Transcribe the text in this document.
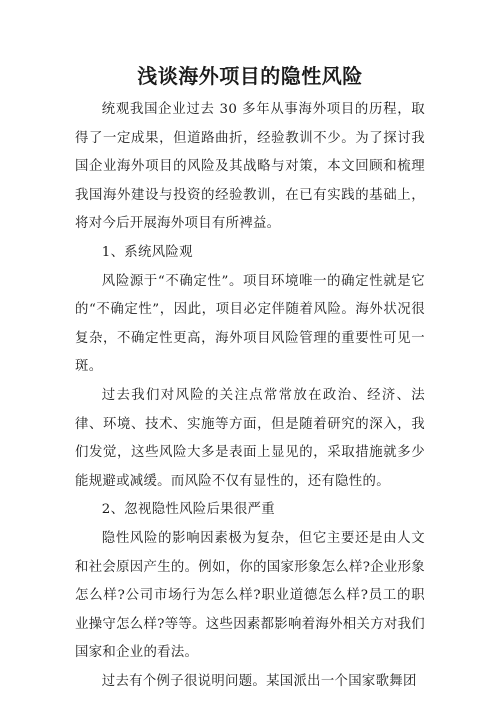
浅谈海外项目的隐性风险

统观我国企业过去 30 多年从事海外项目的历程，取得了一定成果，但道路曲折，经验教训不少。为了探讨我国企业海外项目的风险及其战略与对策，本文回顾和梳理我国海外建设与投资的经验教训，在已有实践的基础上，将对今后开展海外项目有所裨益。

1、系统风险观

风险源于“不确定性”。项目环境唯一的确定性就是它的“不确定性”，因此，项目必定伴随着风险。海外状况很复杂，不确定性更高，海外项目风险管理的重要性可见一斑。

过去我们对风险的关注点常常放在政治、经济、法律、环境、技术、实施等方面，但是随着研究的深入，我们发觉，这些风险大多是表面上显见的，采取措施就多少能规避或减缓。而风险不仅有显性的，还有隐性的。

2、忽视隐性风险后果很严重

隐性风险的影响因素极为复杂，但它主要还是由人文和社会原因产生的。例如，你的国家形象怎么样?企业形象怎么样?公司市场行为怎么样?职业道德怎么样?员工的职业操守怎么样?等等。这些因素都影响着海外相关方对我们国家和企业的看法。

过去有个例子很说明问题。某国派出一个国家歌舞团
